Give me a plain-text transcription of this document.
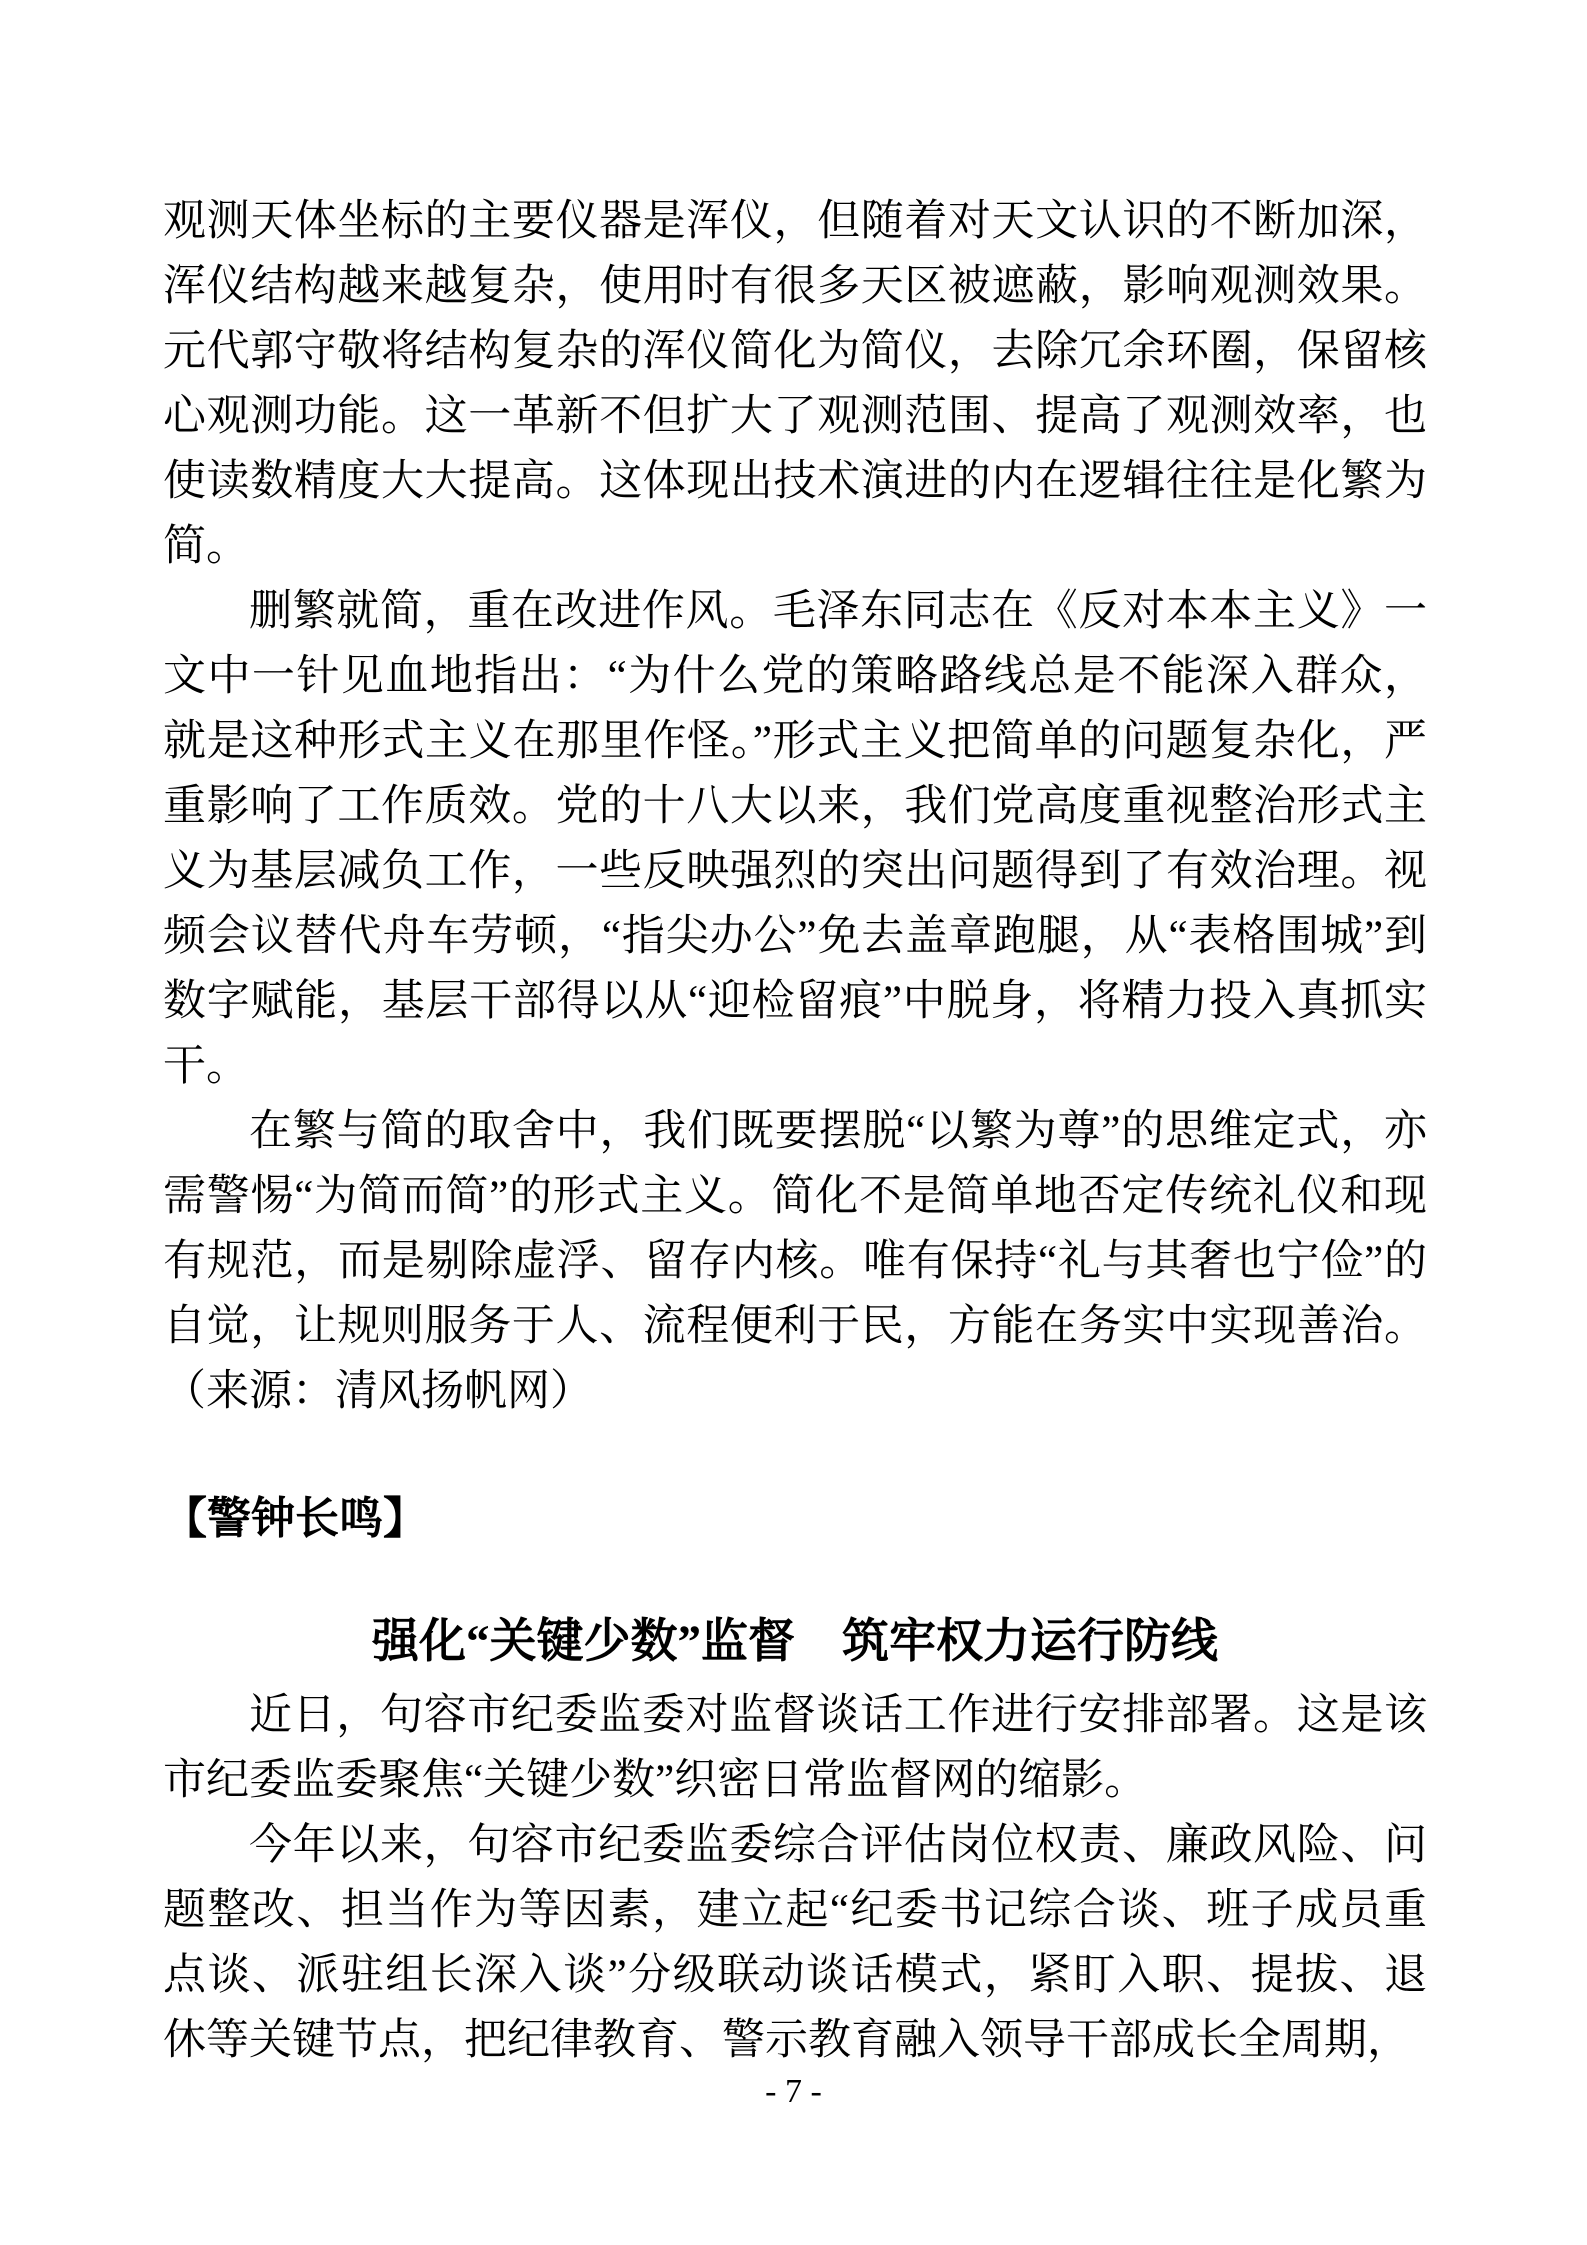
观测天体坐标的主要仪器是浑仪，但随着对天文认识的不断加深，浑仪结构越来越复杂，使用时有很多天区被遮蔽，影响观测效果。元代郭守敬将结构复杂的浑仪简化为简仪，去除冗余环圈，保留核心观测功能。这一革新不但扩大了观测范围、提高了观测效率，也使读数精度大大提高。这体现出技术演进的内在逻辑往往是化繁为简。

删繁就简，重在改进作风。毛泽东同志在《反对本本主义》一文中一针见血地指出：“为什么党的策略路线总是不能深入群众，就是这种形式主义在那里作怪。”形式主义把简单的问题复杂化，严重影响了工作质效。党的十八大以来，我们党高度重视整治形式主义为基层减负工作，一些反映强烈的突出问题得到了有效治理。视频会议替代舟车劳顿，“指尖办公”免去盖章跑腿，从“表格围城”到数字赋能，基层干部得以从“迎检留痕”中脱身，将精力投入真抓实干。

在繁与简的取舍中，我们既要摆脱“以繁为尊”的思维定式，亦需警惕“为简而简”的形式主义。简化不是简单地否定传统礼仪和现有规范，而是剔除虚浮、留存内核。唯有保持“礼与其奢也宁俭”的自觉，让规则服务于人、流程便利于民，方能在务实中实现善治。（来源：清风扬帆网）

【警钟长鸣】
强化“关键少数”监督　筑牢权力运行防线

近日，句容市纪委监委对监督谈话工作进行安排部署。这是该市纪委监委聚焦“关键少数”织密日常监督网的缩影。

今年以来，句容市纪委监委综合评估岗位权责、廉政风险、问题整改、担当作为等因素，建立起“纪委书记综合谈、班子成员重点谈、派驻组长深入谈”分级联动谈话模式，紧盯入职、提拔、退休等关键节点，把纪律教育、警示教育融入领导干部成长全周期，

- 7 -
